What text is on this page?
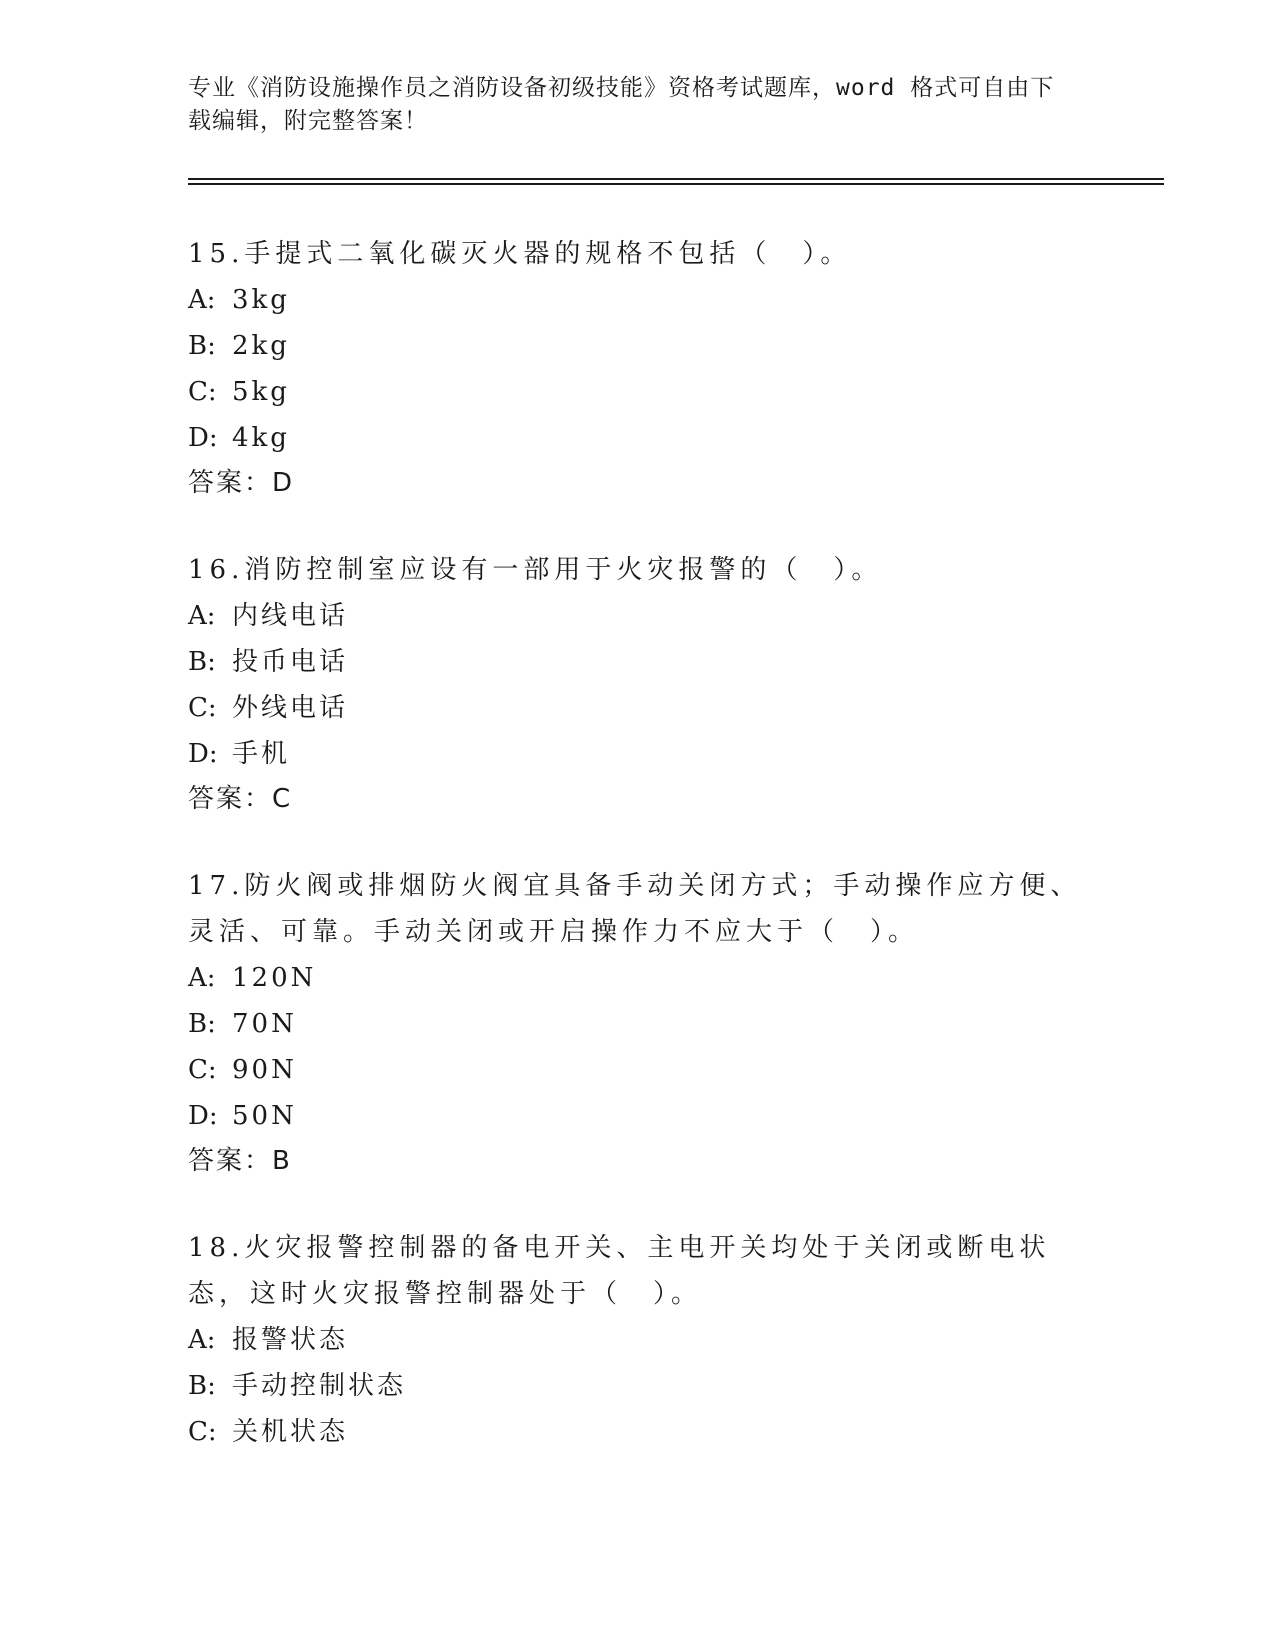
专业《消防设施操作员之消防设备初级技能》资格考试题库，word 格式可自由下载编辑，附完整答案！

15.手提式二氧化碳灭火器的规格不包括（　）。

A: 3kg
B: 2kg
C: 5kg
D: 4kg
答案：D

16.消防控制室应设有一部用于火灾报警的（　）。

A: 内线电话
B: 投币电话
C: 外线电话
D: 手机
答案：C

17.防火阀或排烟防火阀宜具备手动关闭方式；手动操作应方便、灵活、可靠。手动关闭或开启操作力不应大于（　）。

A: 120N
B: 70N
C: 90N
D: 50N
答案：B

18.火灾报警控制器的备电开关、主电开关均处于关闭或断电状态，这时火灾报警控制器处于（　）。

A: 报警状态
B: 手动控制状态
C: 关机状态
